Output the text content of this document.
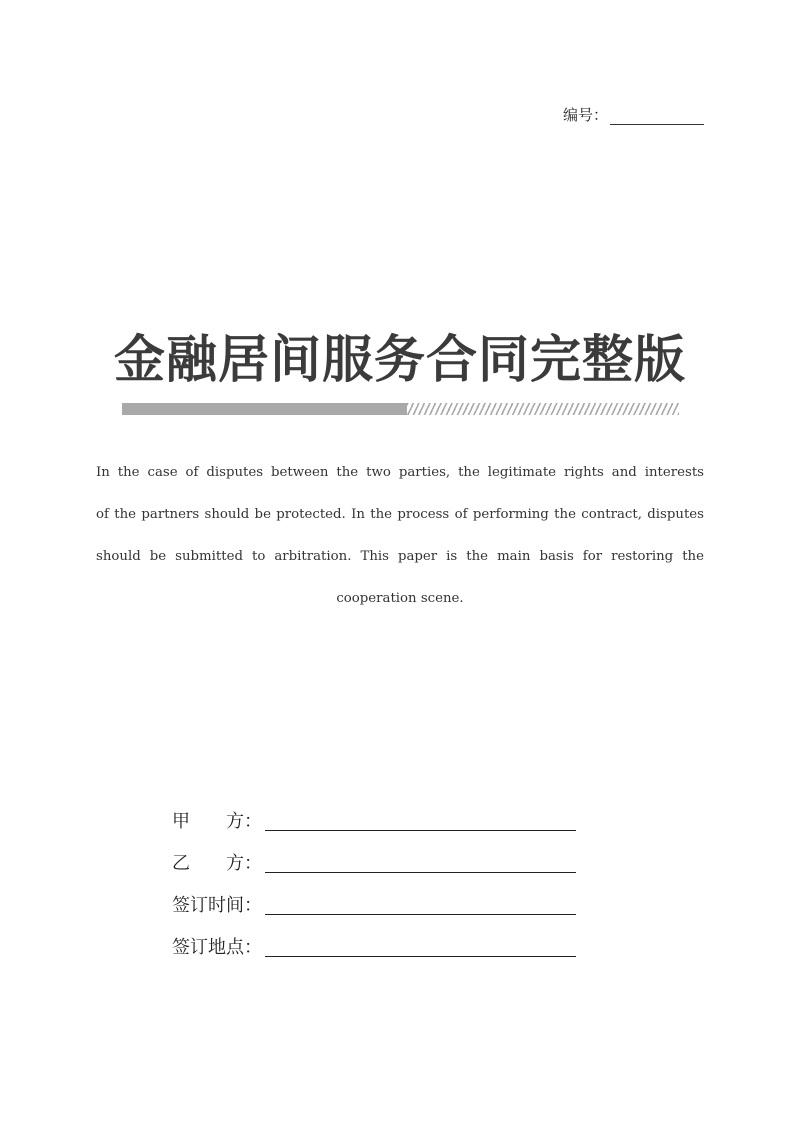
编号：
金融居间服务合同完整版
In the case of disputes between the two parties, the legitimate rights and interests
of the partners should be protected. In the process of performing the contract, disputes
should be submitted to arbitration. This paper is the main basis for restoring the
cooperation scene.
甲 方 ：
乙 方 ：
签订时间：
签订地点：
